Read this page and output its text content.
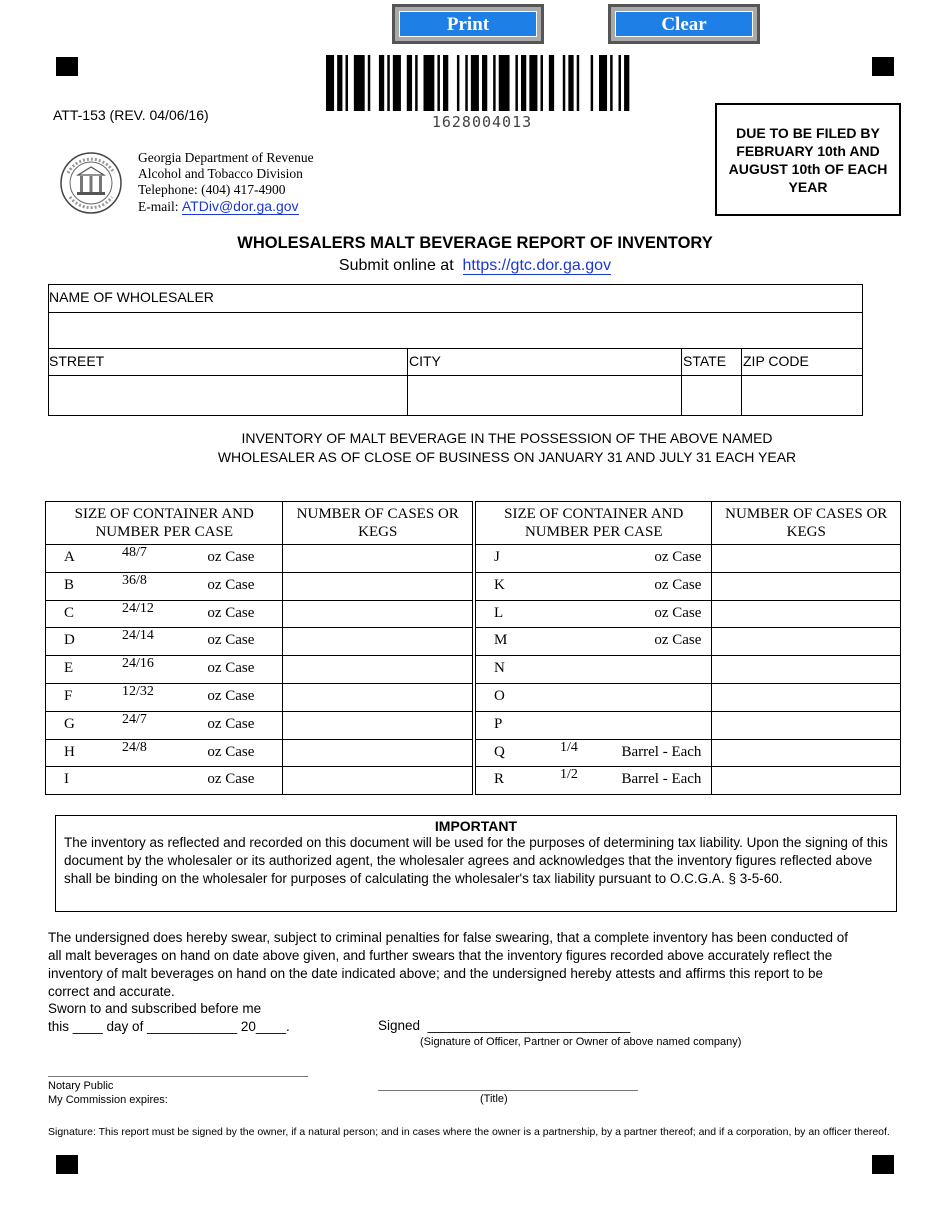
Print	Clear
1628004013
ATT-153 (REV. 04/06/16)
Georgia Department of Revenue
Alcohol and Tobacco Division
Telephone: (404) 417-4900
E-mail: ATDiv@dor.ga.gov
DUE TO BE FILED BY FEBRUARY 10th AND AUGUST 10th OF EACH YEAR
WHOLESALERS MALT BEVERAGE REPORT OF INVENTORY
Submit online at https://gtc.dor.ga.gov
NAME OF WHOLESALER
STREET	CITY	STATE ZIP CODE
INVENTORY OF MALT BEVERAGE IN THE POSSESSION OF THE ABOVE NAMED
WHOLESALER AS OF CLOSE OF BUSINESS ON JANUARY 31 AND JULY 31 EACH YEAR
SIZE OF CONTAINER AND NUMBER PER CASE	NUMBER OF CASES OR KEGS

A 48/7 oz Case	

B 36/8 oz Case	

C 24/12 oz Case	

D 24/14 oz Case	

E 24/16 oz Case	

F 12/32 oz Case	

G 24/7 oz Case	

H 24/8 oz Case	

I oz Case	

SIZE OF CONTAINER AND NUMBER PER CASE	NUMBER OF CASES OR KEGS

J oz Case	

K oz Case	

L oz Case	

M oz Case	

N	

O	

P	

Q 1/4 Barrel - Each	

R 1/2 Barrel - Each	

IMPORTANT
The inventory as reflected and recorded on this document will be used for the purposes of determining tax liability. Upon the signing of this document by the wholesaler or its authorized agent, the wholesaler agrees and acknowledges that the inventory figures reflected above shall be binding on the wholesaler for purposes of calculating the wholesaler's tax liability pursuant to O.C.G.A. § 3-5-60.
The undersigned does hereby swear, subject to criminal penalties for false swearing, that a complete inventory has been conducted of all malt beverages on hand on date above given, and further swears that the inventory figures recorded above accurately reflect the inventory of malt beverages on hand on the date indicated above; and the undersigned hereby attests and affirms this report to be correct and accurate.
Sworn to and subscribed before me
this ____ day of ____________ 20____.	Signed ___________________________
(Signature of Officer, Partner or Owner of above named company)
Notary Public
My Commission expires:	(Title)
Signature: This report must be signed by the owner, if a natural person; and in cases where the owner is a partnership, by a partner thereof; and if a corporation, by an officer thereof.
